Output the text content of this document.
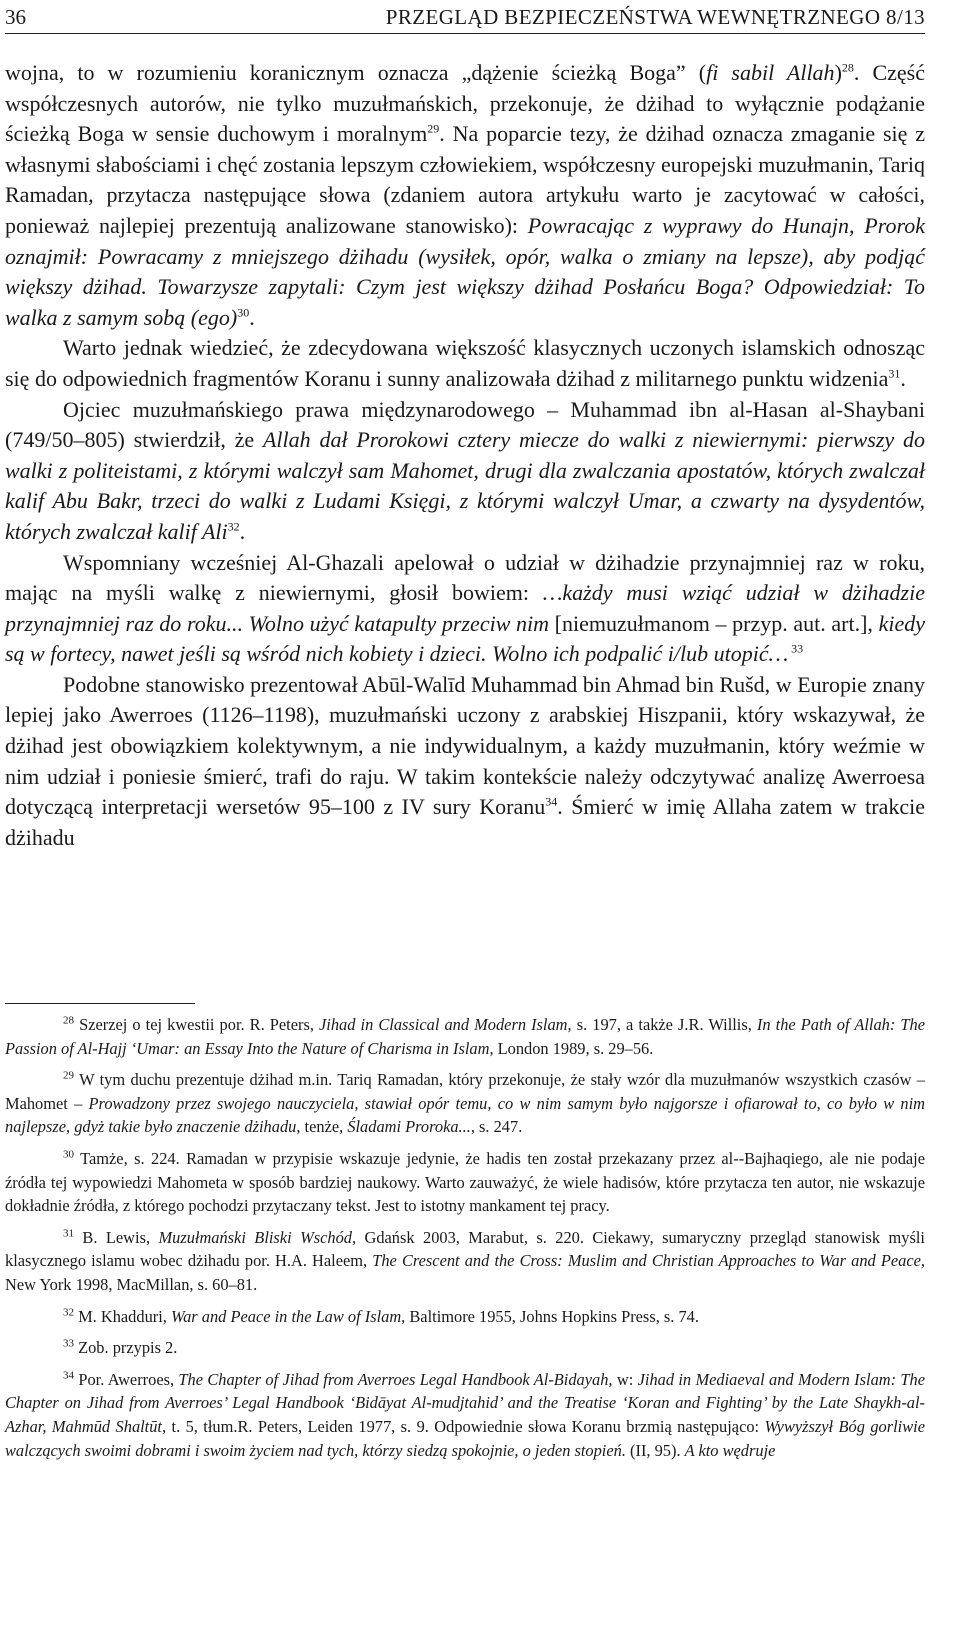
36	PRZEGLĄD BEZPIECZEŃSTWA WEWNĘTRZNEGO 8/13

wojna, to w rozumieniu koranicznym oznacza „dążenie ścieżką Boga” (fi sabil Allah)$^{28}$. Część współczesnych autorów, nie tylko muzułmańskich, przekonuje, że dżihad to wyłącznie podążanie ścieżką Boga w sensie duchowym i moralnym$^{29}$. Na poparcie tezy, że dżihad oznacza zmaganie się z własnymi słabościami i chęć zostania lepszym człowiekiem, współczesny europejski muzułmanin, Tariq Ramadan, przytacza następujące słowa (zdaniem autora artykułu warto je zacytować w całości, ponieważ najlepiej prezentują analizowane stanowisko): Powracając z wyprawy do Hunajn, Prorok oznajmił: Powracamy z mniejszego dżihadu (wysiłek, opór, walka o zmiany na lepsze), aby podjąć większy dżihad. Towarzysze zapytali: Czym jest większy dżihad Posłańcu Boga? Odpowiedział: To walka z samym sobą (ego)$^{30}$.

Warto jednak wiedzieć, że zdecydowana większość klasycznych uczonych islamskich odnosząc się do odpowiednich fragmentów Koranu i sunny analizowała dżihad z militarnego punktu widzenia$^{31}$.

Ojciec muzułmańskiego prawa międzynarodowego – Muhammad ibn al-Hasan al-Shaybani (749/50–805) stwierdził, że Allah dał Prorokowi cztery miecze do walki z niewiernymi: pierwszy do walki z politeistami, z którymi walczył sam Mahomet, drugi dla zwalczania apostatów, których zwalczał kalif Abu Bakr, trzeci do walki z Ludami Księgi, z którymi walczył Umar, a czwarty na dysydentów, których zwalczał kalif Ali$^{32}$.

Wspomniany wcześniej Al-Ghazali apelował o udział w dżihadzie przynajmniej raz w roku, mając na myśli walkę z niewiernymi, głosił bowiem: …każdy musi wziąć udział w dżihadzie przynajmniej raz do roku... Wolno użyć katapulty przeciw nim [niemuzułmanom – przyp. aut. art.], kiedy są w fortecy, nawet jeśli są wśród nich kobiety i dzieci. Wolno ich podpalić i/lub utopić… $^{33}$

Podobne stanowisko prezentował Abūl-Walīd Muhammad bin Ahmad bin Rušd, w Europie znany lepiej jako Awerroes (1126–1198), muzułmański uczony z arabskiej Hiszpanii, który wskazywał, że dżihad jest obowiązkiem kolektywnym, a nie indywidualnym, a każdy muzułmanin, który weźmie w nim udział i poniesie śmierć, trafi do raju. W takim kontekście należy odczytywać analizę Awerroesa dotyczącą interpretacji wersetów 95–100 z IV sury Koranu$^{34}$. Śmierć w imię Allaha zatem w trakcie dżihadu

$^{28}$ Szerzej o tej kwestii por. R. Peters, Jihad in Classical and Modern Islam, s. 197, a także J.R. Willis, In the Path of Allah: The Passion of Al-Hajj ‘Umar: an Essay Into the Nature of Charisma in Islam, London 1989, s. 29–56.

$^{29}$ W tym duchu prezentuje dżihad m.in. Tariq Ramadan, który przekonuje, że stały wzór dla muzułmanów wszystkich czasów – Mahomet – Prowadzony przez swojego nauczyciela, stawiał opór temu, co w nim samym było najgorsze i ofiarował to, co było w nim najlepsze, gdyż takie było znaczenie dżihadu, tenże, Śladami Proroka..., s. 247.

$^{30}$ Tamże, s. 224. Ramadan w przypisie wskazuje jedynie, że hadis ten został przekazany przez al--Bajhaqiego, ale nie podaje źródła tej wypowiedzi Mahometa w sposób bardziej naukowy. Warto zauważyć, że wiele hadisów, które przytacza ten autor, nie wskazuje dokładnie źródła, z którego pochodzi przytaczany tekst. Jest to istotny mankament tej pracy.

$^{31}$ B. Lewis, Muzułmański Bliski Wschód, Gdańsk 2003, Marabut, s. 220. Ciekawy, sumaryczny przegląd stanowisk myśli klasycznego islamu wobec dżihadu por. H.A. Haleem, The Crescent and the Cross: Muslim and Christian Approaches to War and Peace, New York 1998, MacMillan, s. 60–81.

$^{32}$ M. Khadduri, War and Peace in the Law of Islam, Baltimore 1955, Johns Hopkins Press, s. 74.

$^{33}$ Zob. przypis 2.

$^{34}$ Por. Awerroes, The Chapter of Jihad from Averroes Legal Handbook Al-Bidayah, w: Jihad in Mediaeval and Modern Islam: The Chapter on Jihad from Averroes’ Legal Handbook ‘Bidāyat Al-mudjtahid’ and the Treatise ‘Koran and Fighting’ by the Late Shaykh-al-Azhar, Mahmūd Shaltūt, t. 5, tłum.R. Peters, Leiden 1977, s. 9. Odpowiednie słowa Koranu brzmią następująco: Wywyższył Bóg gorliwie walczących swoimi dobrami i swoim życiem nad tych, którzy siedzą spokojnie, o jeden stopień. (II, 95). A kto wędruje
